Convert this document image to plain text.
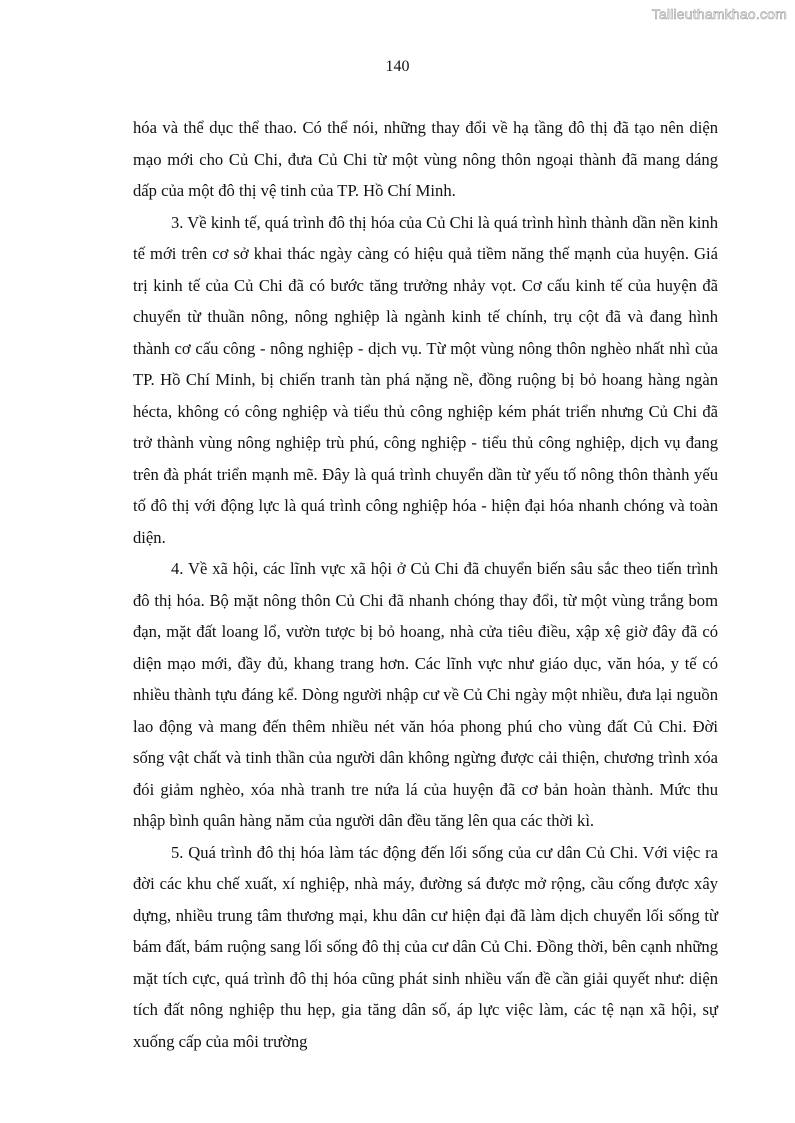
Tailieuthamkhao.com
140

hóa và thể dục thể thao. Có thể nói, những thay đổi về hạ tầng đô thị đã tạo nên diện mạo mới cho Củ Chi, đưa Củ Chi từ một vùng nông thôn ngoại thành đã mang dáng dấp của một đô thị vệ tinh của TP. Hồ Chí Minh.

3. Về kinh tế, quá trình đô thị hóa của Củ Chi là quá trình hình thành dần nền kinh tế mới trên cơ sở khai thác ngày càng có hiệu quả tiềm năng thế mạnh của huyện. Giá trị kinh tế của Củ Chi đã có bước tăng trưởng nhảy vọt. Cơ cấu kinh tế của huyện đã chuyển từ thuần nông, nông nghiệp là ngành kinh tế chính, trụ cột đã và đang hình thành cơ cấu công - nông nghiệp - dịch vụ. Từ một vùng nông thôn nghèo nhất nhì của TP. Hồ Chí Minh, bị chiến tranh tàn phá nặng nề, đồng ruộng bị bỏ hoang hàng ngàn hécta, không có công nghiệp và tiểu thủ công nghiệp kém phát triển nhưng Củ Chi đã trở thành vùng nông nghiệp trù phú, công nghiệp - tiểu thủ công nghiệp, dịch vụ đang trên đà phát triển mạnh mẽ. Đây là quá trình chuyển dần từ yếu tố nông thôn thành yếu tố đô thị với động lực là quá trình công nghiệp hóa - hiện đại hóa nhanh chóng và toàn diện.

4. Về xã hội, các lĩnh vực xã hội ở Củ Chi đã chuyển biến sâu sắc theo tiến trình đô thị hóa. Bộ mặt nông thôn Củ Chi đã nhanh chóng thay đổi, từ một vùng trắng bom đạn, mặt đất loang lổ, vườn tược bị bỏ hoang, nhà cửa tiêu điều, xập xệ giờ đây đã có diện mạo mới, đầy đủ, khang trang hơn. Các lĩnh vực như giáo dục, văn hóa, y tế có nhiều thành tựu đáng kể. Dòng người nhập cư về Củ Chi ngày một nhiều, đưa lại nguồn lao động và mang đến thêm nhiều nét văn hóa phong phú cho vùng đất Củ Chi. Đời sống vật chất và tinh thần của người dân không ngừng được cải thiện, chương trình xóa đói giảm nghèo, xóa nhà tranh tre nứa lá của huyện đã cơ bản hoàn thành. Mức thu nhập bình quân hàng năm của người dân đều tăng lên qua các thời kì.

5. Quá trình đô thị hóa làm tác động đến lối sống của cư dân Củ Chi. Với việc ra đời các khu chế xuất, xí nghiệp, nhà máy, đường sá được mở rộng, cầu cống được xây dựng, nhiều trung tâm thương mại, khu dân cư hiện đại đã làm dịch chuyển lối sống từ bám đất, bám ruộng sang lối sống đô thị của cư dân Củ Chi. Đồng thời, bên cạnh những mặt tích cực, quá trình đô thị hóa cũng phát sinh nhiều vấn đề cần giải quyết như: diện tích đất nông nghiệp thu hẹp, gia tăng dân số, áp lực việc làm, các tệ nạn xã hội, sự xuống cấp của môi trường
